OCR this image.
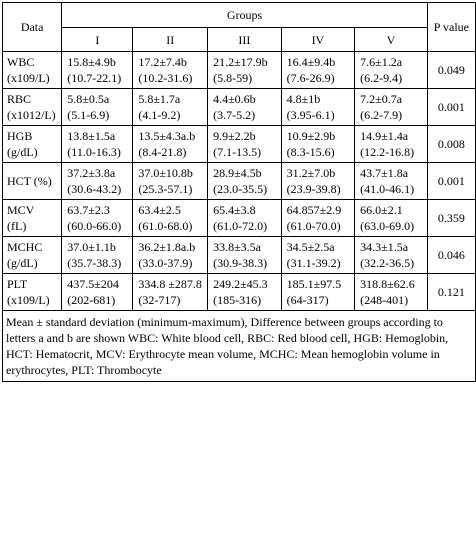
Data	Groups					P value
	I	II	III	IV	V	
WBC (x109/L)	15.8±4.9b (10.7-22.1)	17.2±7.4b (10.2-31.6)	21.2±17.9b (5.8-59)	16.4±9.4b (7.6-26.9)	7.6±1.2a (6.2-9.4)	0.049
RBC (x1012/L)	5.8±0.5a (5.1-6.9)	5.8±1.7a (4.1-9.2)	4.4±0.6b (3.7-5.2)	4.8±1b (3.95-6.1)	7.2±0.7a (6.2-7.9)	0.001
HGB (g/dL)	13.8±1.5a (11.0-16.3)	13.5±4.3a.b (8.4-21.8)	9.9±2.2b (7.1-13.5)	10.9±2.9b (8.3-15.6)	14.9±1.4a (12.2-16.8)	0.008
HCT (%)	37.2±3.8a (30.6-43.2)	37.0±10.8b (25.3-57.1)	28.9±4.5b (23.0-35.5)	31.2±7.0b (23.9-39.8)	43.7±1.8a (41.0-46.1)	0.001
MCV (fL)	63.7±2.3 (60.0-66.0)	63.4±2.5 (61.0-68.0)	65.4±3.8 (61.0-72.0)	64.857±2.9 (61.0-70.0)	66.0±2.1 (63.0-69.0)	0.359
MCHC (g/dL)	37.0±1.1b (35.7-38.3)	36.2±1.8a.b (33.0-37.9)	33.8±3.5a (30.9-38.3)	34.5±2.5a (31.1-39.2)	34.3±1.5a (32.2-36.5)	0.046
PLT (x109/L)	437.5±204 (202-681)	334.8 ±287.8 (32-717)	249.2±45.3 (185-316)	185.1±97.5 (64-317)	318.8±62.6 (248-401)	0.121
Mean ± standard deviation (minimum-maximum), Difference between groups according to letters a and b are shown WBC: White blood cell, RBC: Red blood cell, HGB: Hemoglobin, HCT: Hematocrit, MCV: Erythrocyte mean volume, MCHC: Mean hemoglobin volume in erythrocytes, PLT: Thrombocyte						
